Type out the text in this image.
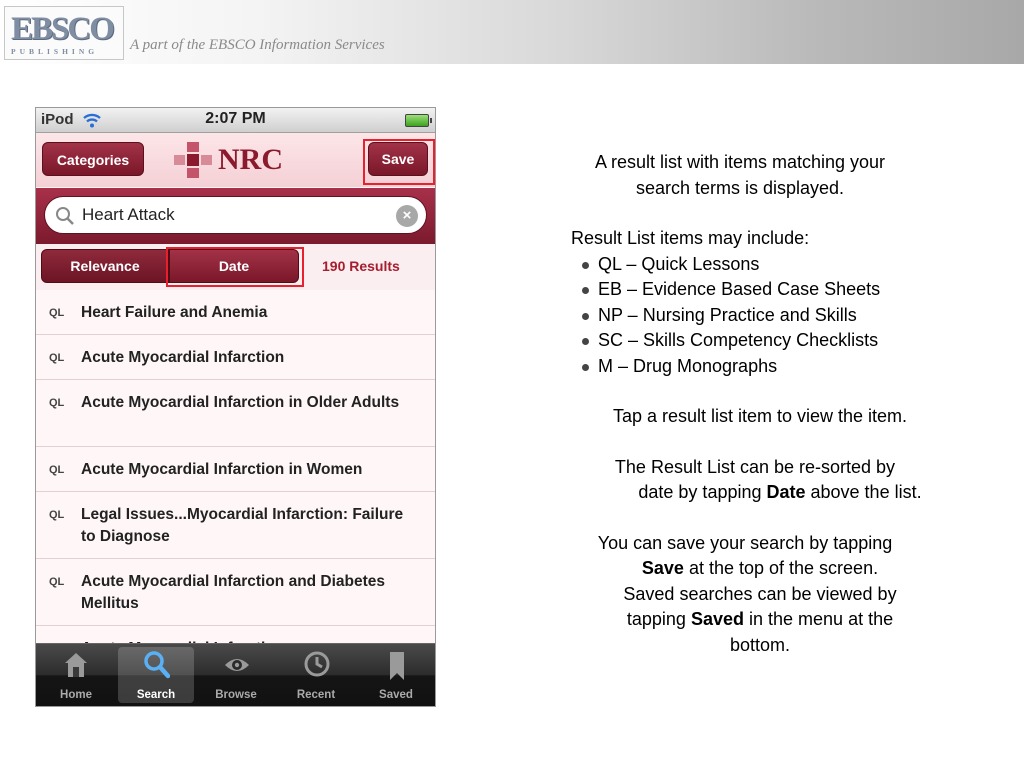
EBSCO
PUBLISHING A part of the EBSCO Information Services
iPod	2:07 PM
Categories	NRC	Save
Heart Attack	×
Relevance	Date	190 Results
QL Heart Failure and Anemia
QL Acute Myocardial Infarction
QL Acute Myocardial Infarction in Older Adults
QL Acute Myocardial Infarction in Women
QL Legal Issues...Myocardial Infarction: Failure to Diagnose
QL Acute Myocardial Infarction and Diabetes Mellitus
Home	Search	Browse	Recent	Saved

A result list with items matching your

search terms is displayed.

Result List items may include:

QL – Quick Lessons
EB – Evidence Based Case Sheets
NP – Nursing Practice and Skills
SC – Skills Competency Checklists
M – Drug Monographs

Tap a result list item to view the item.

The Result List can be re-sorted by

date by tapping Date above the list.

You can save your search by tapping

Save at the top of the screen.

Saved searches can be viewed by

tapping Saved in the menu at the

bottom.
